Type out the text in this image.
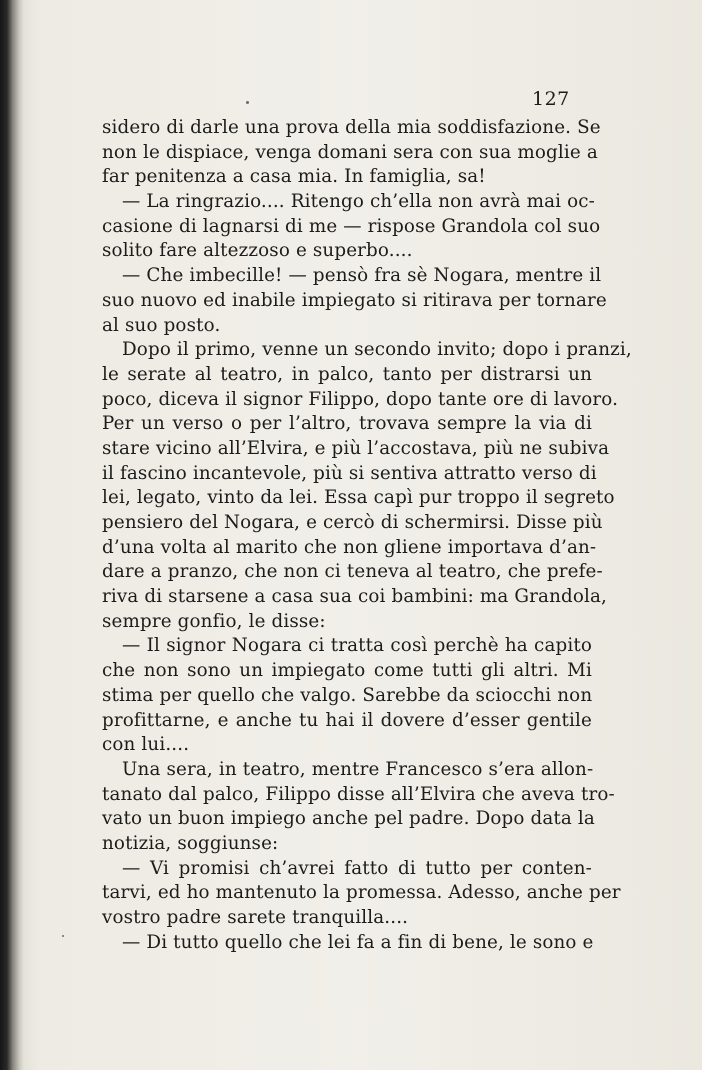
127
sidero di darle una prova della mia soddisfazione. Se
non le dispiace, venga domani sera con sua moglie a
far penitenza a casa mia. In famiglia, sa!
— La ringrazio.... Ritengo ch’ella non avrà mai oc-
casione di lagnarsi di me — rispose Grandola col suo
solito fare altezzoso e superbo....
— Che imbecille! — pensò fra sè Nogara, mentre il
suo nuovo ed inabile impiegato si ritirava per tornare
al suo posto.
Dopo il primo, venne un secondo invito; dopo i pranzi,
le serate al teatro, in palco, tanto per distrarsi un
poco, diceva il signor Filippo, dopo tante ore di lavoro.
Per un verso o per l’altro, trovava sempre la via di
stare vicino all’Elvira, e più l’accostava, più ne subiva
il fascino incantevole, più si sentiva attratto verso di
lei, legato, vinto da lei. Essa capì pur troppo il segreto
pensiero del Nogara, e cercò di schermirsi. Disse più
d’una volta al marito che non gliene importava d’an-
dare a pranzo, che non ci teneva al teatro, che prefe-
riva di starsene a casa sua coi bambini: ma Grandola,
sempre gonfio, le disse:
— Il signor Nogara ci tratta così perchè ha capito
che non sono un impiegato come tutti gli altri. Mi
stima per quello che valgo. Sarebbe da sciocchi non
profittarne, e anche tu hai il dovere d’esser gentile
con lui....
Una sera, in teatro, mentre Francesco s’era allon-
tanato dal palco, Filippo disse all’Elvira che aveva tro-
vato un buon impiego anche pel padre. Dopo data la
notizia, soggiunse:
— Vi promisi ch’avrei fatto di tutto per conten-
tarvi, ed ho mantenuto la promessa. Adesso, anche per
vostro padre sarete tranquilla....
— Di tutto quello che lei fa a fin di bene, le sono e
